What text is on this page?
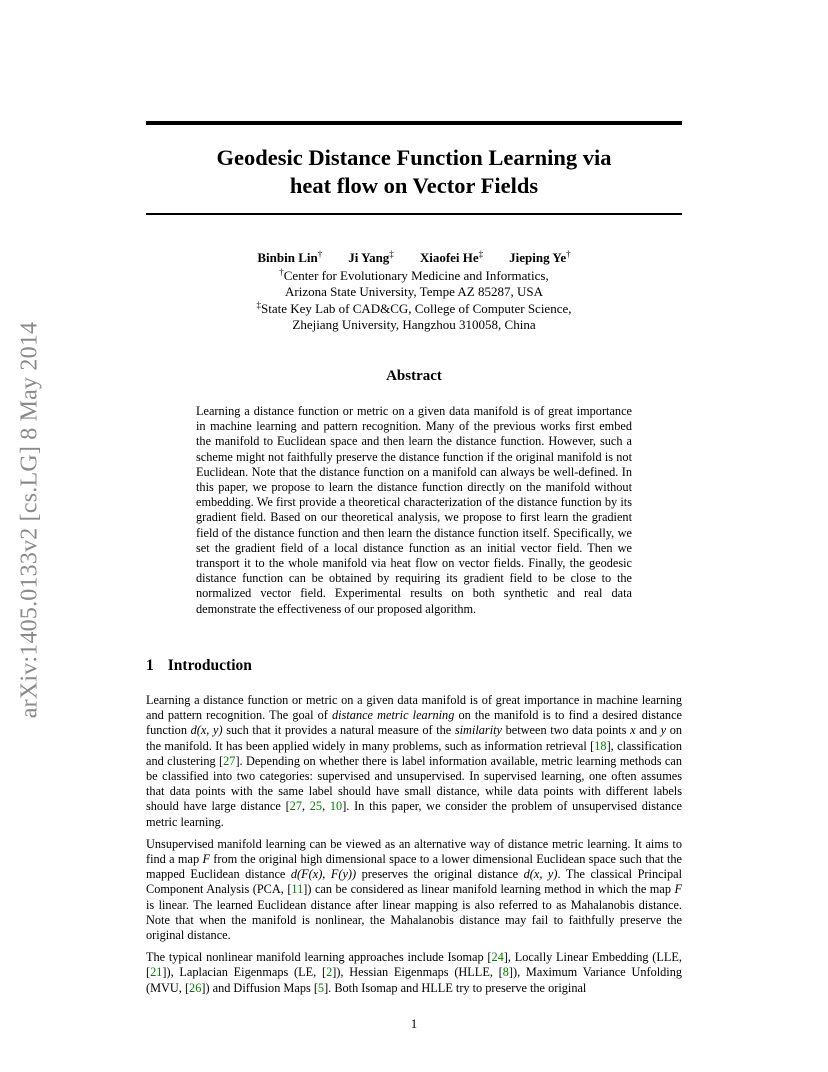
arXiv:1405.0133v2 [cs.LG] 8 May 2014
Geodesic Distance Function Learning via
heat flow on Vector Fields
Binbin Lin† Ji Yang‡ Xiaofei He‡ Jieping Ye†
†Center for Evolutionary Medicine and Informatics,
Arizona State University, Tempe AZ 85287, USA
‡State Key Lab of CAD&CG, College of Computer Science,
Zhejiang University, Hangzhou 310058, China
Abstract
Learning a distance function or metric on a given data manifold is of great importance in machine learning and pattern recognition. Many of the previous works first embed the manifold to Euclidean space and then learn the distance function. However, such a scheme might not faithfully preserve the distance function if the original manifold is not Euclidean. Note that the distance function on a manifold can always be well-defined. In this paper, we propose to learn the distance function directly on the manifold without embedding. We first provide a theoretical characterization of the distance function by its gradient field. Based on our theoretical analysis, we propose to first learn the gradient field of the distance function and then learn the distance function itself. Specifically, we set the gradient field of a local distance function as an initial vector field. Then we transport it to the whole manifold via heat flow on vector fields. Finally, the geodesic distance function can be obtained by requiring its gradient field to be close to the normalized vector field. Experimental results on both synthetic and real data demonstrate the effectiveness of our proposed algorithm.
1 Introduction

Learning a distance function or metric on a given data manifold is of great importance in machine learning and pattern recognition. The goal of distance metric learning on the manifold is to find a desired distance function d(x, y) such that it provides a natural measure of the similarity between two data points x and y on the manifold. It has been applied widely in many problems, such as information retrieval [18], classification and clustering [27]. Depending on whether there is label information available, metric learning methods can be classified into two categories: supervised and unsupervised. In supervised learning, one often assumes that data points with the same label should have small distance, while data points with different labels should have large distance [27, 25, 10]. In this paper, we consider the problem of unsupervised distance metric learning.

Unsupervised manifold learning can be viewed as an alternative way of distance metric learning. It aims to find a map F from the original high dimensional space to a lower dimensional Euclidean space such that the mapped Euclidean distance d(F(x), F(y)) preserves the original distance d(x, y). The classical Principal Component Analysis (PCA, [11]) can be considered as linear manifold learning method in which the map F is linear. The learned Euclidean distance after linear mapping is also referred to as Mahalanobis distance. Note that when the manifold is nonlinear, the Mahalanobis distance may fail to faithfully preserve the original distance.

The typical nonlinear manifold learning approaches include Isomap [24], Locally Linear Embedding (LLE, [21]), Laplacian Eigenmaps (LE, [2]), Hessian Eigenmaps (HLLE, [8]), Maximum Variance Unfolding (MVU, [26]) and Diffusion Maps [5]. Both Isomap and HLLE try to preserve the original

1
